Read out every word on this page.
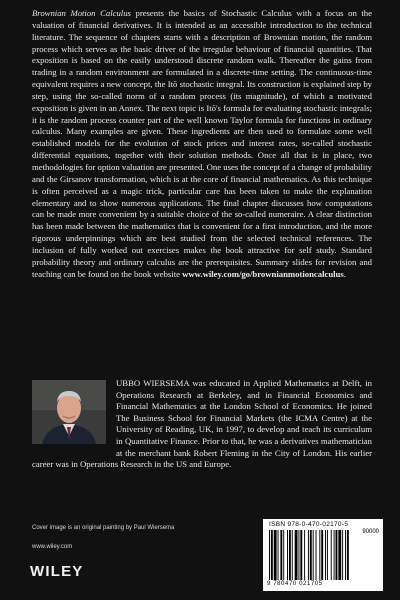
Brownian Motion Calculus presents the basics of Stochastic Calculus with a focus on the valuation of financial derivatives. It is intended as an accessible introduction to the technical literature. The sequence of chapters starts with a description of Brownian motion, the random process which serves as the basic driver of the irregular behaviour of financial quantities. That exposition is based on the easily understood discrete random walk. Thereafter the gains from trading in a random environment are formulated in a discrete-time setting. The continuous-time equivalent requires a new concept, the Itō stochastic integral. Its construction is explained step by step, using the so-called norm of a random process (its magnitude), of which a motivated exposition is given in an Annex. The next topic is Itō's formula for evaluating stochastic integrals; it is the random process counter part of the well known Taylor formula for functions in ordinary calculus. Many examples are given. These ingredients are then used to formulate some well established models for the evolution of stock prices and interest rates, so-called stochastic differential equations, together with their solution methods. Once all that is in place, two methodologies for option valuation are presented. One uses the concept of a change of probability and the Girsanov transformation, which is at the core of financial mathematics. As this technique is often perceived as a magic trick, particular care has been taken to make the explanation elementary and to show numerous applications. The final chapter discusses how computations can be made more convenient by a suitable choice of the so-called numeraire. A clear distinction has been made between the mathematics that is convenient for a first introduction, and the more rigorous underpinnings which are best studied from the selected technical references. The inclusion of fully worked out exercises makes the book attractive for self study. Standard probability theory and ordinary calculus are the prerequisites. Summary slides for revision and teaching can be found on the book website www.wiley.com/go/brownianmotioncalculus.
UBBO WIERSEMA was educated in Applied Mathematics at Delft, in Operations Research at Berkeley, and in Financial Economics and Financial Mathematics at the London School of Economics. He joined The Business School for Financial Markets (the ICMA Centre) at the University of Reading, UK, in 1997, to develop and teach its curriculum in Quantitative Finance. Prior to that, he was a derivatives mathematician at the merchant bank Robert Fleming in the City of London. His earlier career was in Operations Research in the US and Europe.
Cover image is an original painting by Paul Wiersema
www.wiley.com
WILEY
ISBN 978-0-470-02170-5
90000
9 780470 021705
